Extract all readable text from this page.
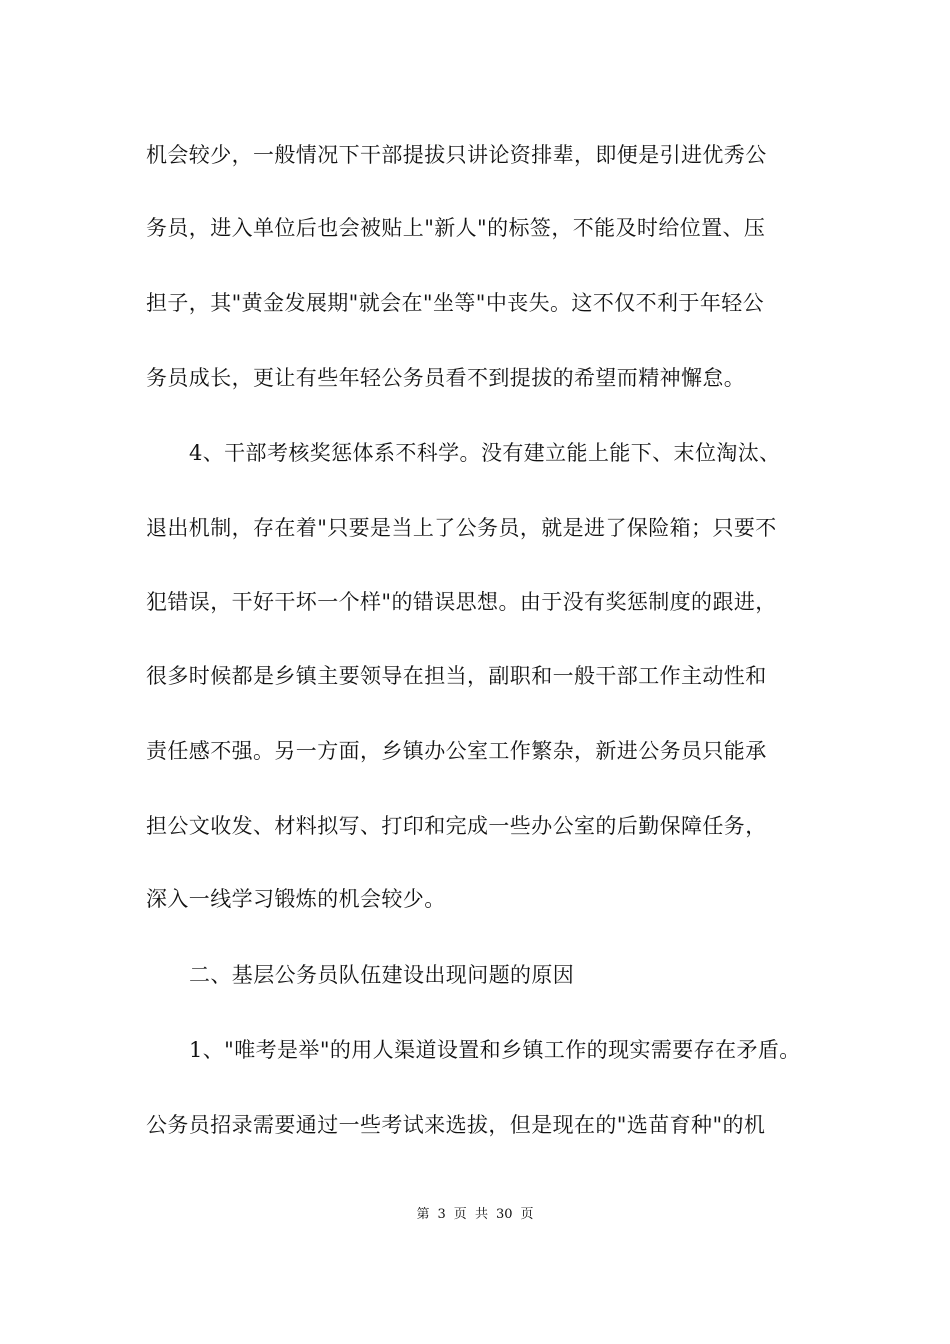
机会较少，一般情况下干部提拔只讲论资排辈，即便是引进优秀公
务员，进入单位后也会被贴上"新人"的标签，不能及时给位置、压
担子，其"黄金发展期"就会在"坐等"中丧失。这不仅不利于年轻公
务员成长，更让有些年轻公务员看不到提拔的希望而精神懈怠。
4、干部考核奖惩体系不科学。没有建立能上能下、末位淘汰、
退出机制，存在着"只要是当上了公务员，就是进了保险箱；只要不
犯错误，干好干坏一个样"的错误思想。由于没有奖惩制度的跟进，
很多时候都是乡镇主要领导在担当，副职和一般干部工作主动性和
责任感不强。另一方面，乡镇办公室工作繁杂，新进公务员只能承
担公文收发、材料拟写、打印和完成一些办公室的后勤保障任务，
深入一线学习锻炼的机会较少。
二、基层公务员队伍建设出现问题的原因
1、"唯考是举"的用人渠道设置和乡镇工作的现实需要存在矛盾。
公务员招录需要通过一些考试来选拔，但是现在的"选苗育种"的机
第 3 页 共 30 页
